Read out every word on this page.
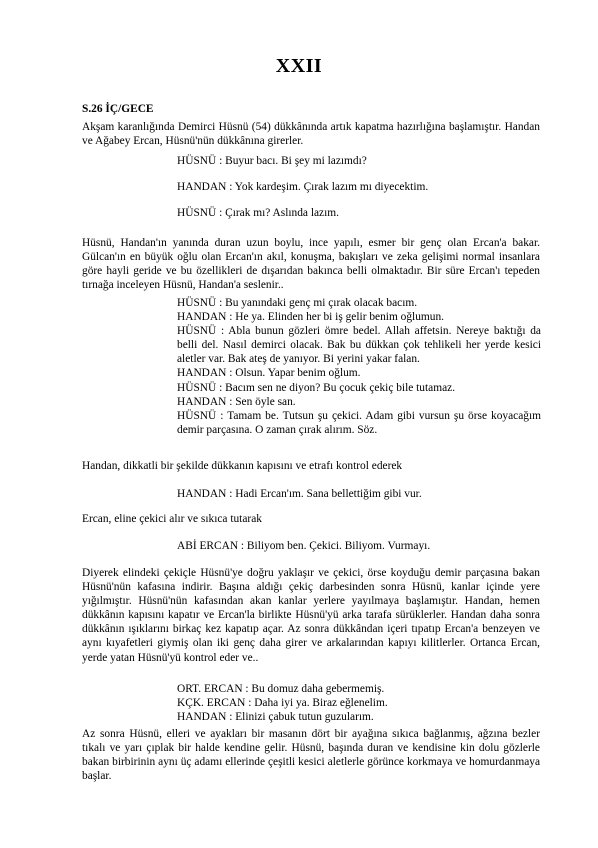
XXII
S.26 İÇ/GECE

Akşam karanlığında Demirci Hüsnü (54) dükkânında artık kapatma hazırlığına başlamıştır. Handan ve Ağabey Ercan, Hüsnü'nün dükkânına girerler.

HÜSNÜ : Buyur bacı. Bi şey mi lazımdı?

HANDAN : Yok kardeşim. Çırak lazım mı diyecektim.

HÜSNÜ : Çırak mı? Aslında lazım.

Hüsnü, Handan'ın yanında duran uzun boylu, ince yapılı, esmer bir genç olan Ercan'a bakar. Gülcan'ın en büyük oğlu olan Ercan'ın akıl, konuşma, bakışları ve zeka gelişimi normal insanlara göre hayli geride ve bu özellikleri de dışarıdan bakınca belli olmaktadır. Bir süre Ercan'ı tepeden tırnağa inceleyen Hüsnü, Handan'a seslenir..

HÜSNÜ : Bu yanındaki genç mi çırak olacak bacım.
HANDAN : He ya. Elinden her bi iş gelir benim oğlumun.
HÜSNÜ : Abla bunun gözleri ömre bedel. Allah affetsin. Nereye baktığı da belli del. Nasıl demirci olacak. Bak bu dükkan çok tehlikeli her yerde kesici aletler var. Bak ateş de yanıyor. Bi yerini yakar falan.
HANDAN : Olsun. Yapar benim oğlum.
HÜSNÜ : Bacım sen ne diyon? Bu çocuk çekiç bile tutamaz.
HANDAN : Sen öyle san.
HÜSNÜ : Tamam be. Tutsun şu çekici. Adam gibi vursun şu örse koyacağım demir parçasına. O zaman çırak alırım. Söz.

Handan, dikkatli bir şekilde dükkanın kapısını ve etrafı kontrol ederek

HANDAN : Hadi Ercan'ım. Sana bellettiğim gibi vur.

Ercan, eline çekici alır ve sıkıca tutarak

ABİ ERCAN : Biliyom ben. Çekici. Biliyom. Vurmayı.

Diyerek elindeki çekiçle Hüsnü'ye doğru yaklaşır ve çekici, örse koyduğu demir parçasına bakan Hüsnü'nün kafasına indirir. Başına aldığı çekiç darbesinden sonra Hüsnü, kanlar içinde yere yığılmıştır. Hüsnü'nün kafasından akan kanlar yerlere yayılmaya başlamıştır. Handan, hemen dükkânın kapısını kapatır ve Ercan'la birlikte Hüsnü'yü arka tarafa sürüklerler. Handan daha sonra dükkânın ışıklarını birkaç kez kapatıp açar. Az sonra dükkândan içeri tıpatıp Ercan'a benzeyen ve aynı kıyafetleri giymiş olan iki genç daha girer ve arkalarından kapıyı kilitlerler. Ortanca Ercan, yerde yatan Hüsnü'yü kontrol eder ve..

ORT. ERCAN : Bu domuz daha gebermemiş.
KÇK. ERCAN : Daha iyi ya. Biraz eğlenelim.
HANDAN : Elinizi çabuk tutun guzularım.

Az sonra Hüsnü, elleri ve ayakları bir masanın dört bir ayağına sıkıca bağlanmış, ağzına bezler tıkalı ve yarı çıplak bir halde kendine gelir. Hüsnü, başında duran ve kendisine kin dolu gözlerle bakan birbirinin aynı üç adamı ellerinde çeşitli kesici aletlerle görünce korkmaya ve homurdanmaya başlar.
